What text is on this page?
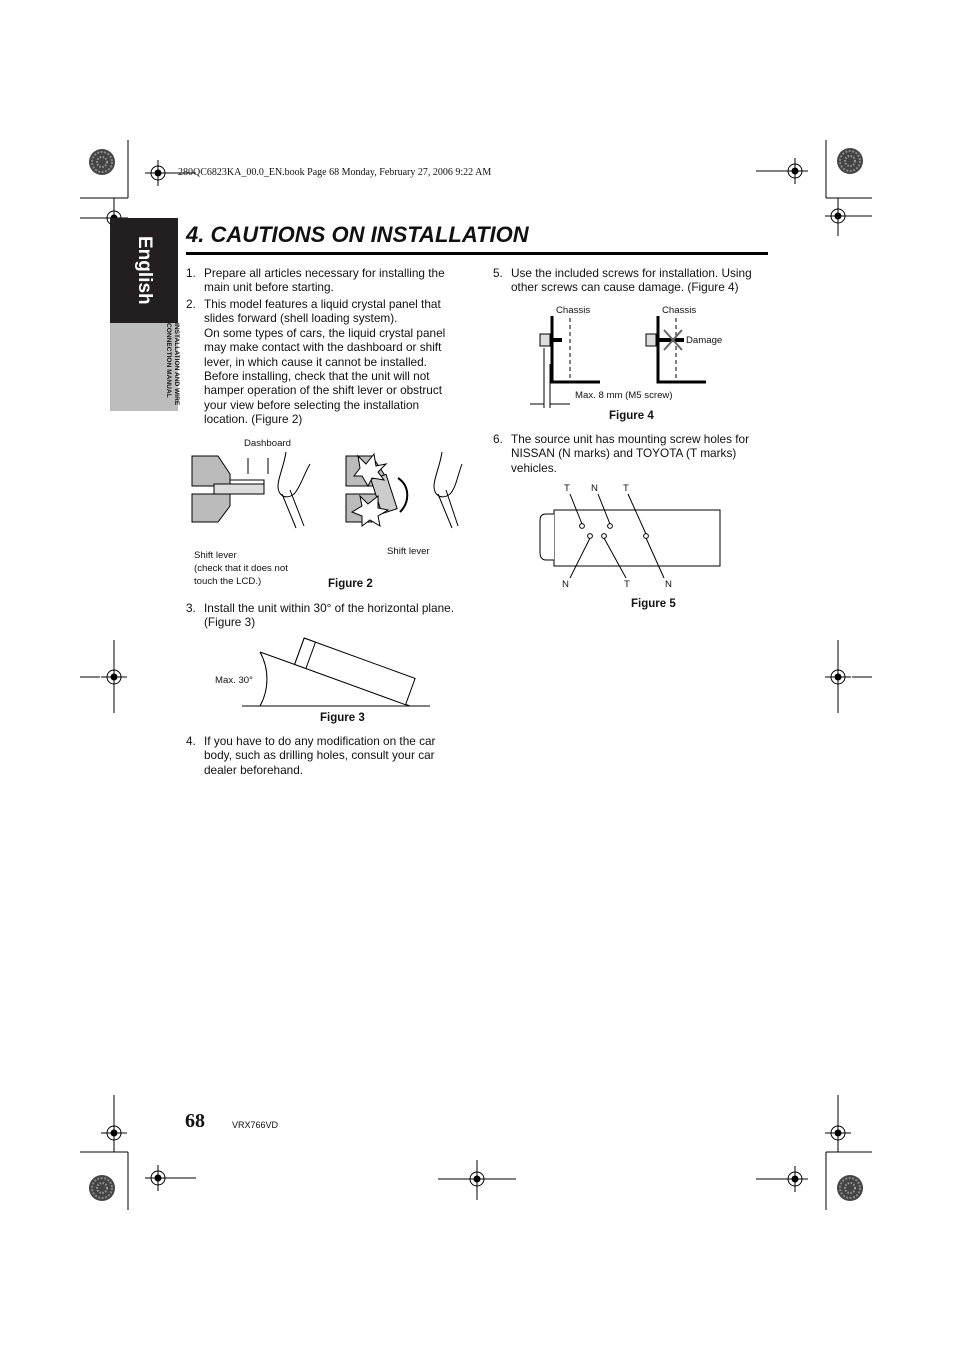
280QC6823KA_00.0_EN.book Page 68 Monday, February 27, 2006 9:22 AM
English
INSTALLATION AND WIRE
CONNECTION MANUAL
4. CAUTIONS ON INSTALLATION
1. Prepare all articles necessary for installing the main unit before starting.

2. This model features a liquid crystal panel that slides forward (shell loading system).

On some types of cars, the liquid crystal panel may make contact with the dashboard or shift lever, in which cause it cannot be installed. Before installing, check that the unit will not hamper operation of the shift lever or obstruct your view before selecting the installation location. (Figure 2)

3. Install the unit within 30° of the horizontal plane. (Figure 3)

4. If you have to do any modification on the car body, such as drilling holes, consult your car dealer beforehand.

5. Use the included screws for installation. Using other screws can cause damage. (Figure 4)

6. The source unit has mounting screw holes for NISSAN (N marks) and TOYOTA (T marks) vehicles.

Dashboard
Shift lever
(check that it does not
touch the LCD.)
Shift lever
Figure 2
Max. 30°
Figure 3
Chassis	Chassis
Damage
Max. 8 mm (M5 screw)
Figure 4
T N	T
N	T	N
Figure 5
68	VRX766VD
